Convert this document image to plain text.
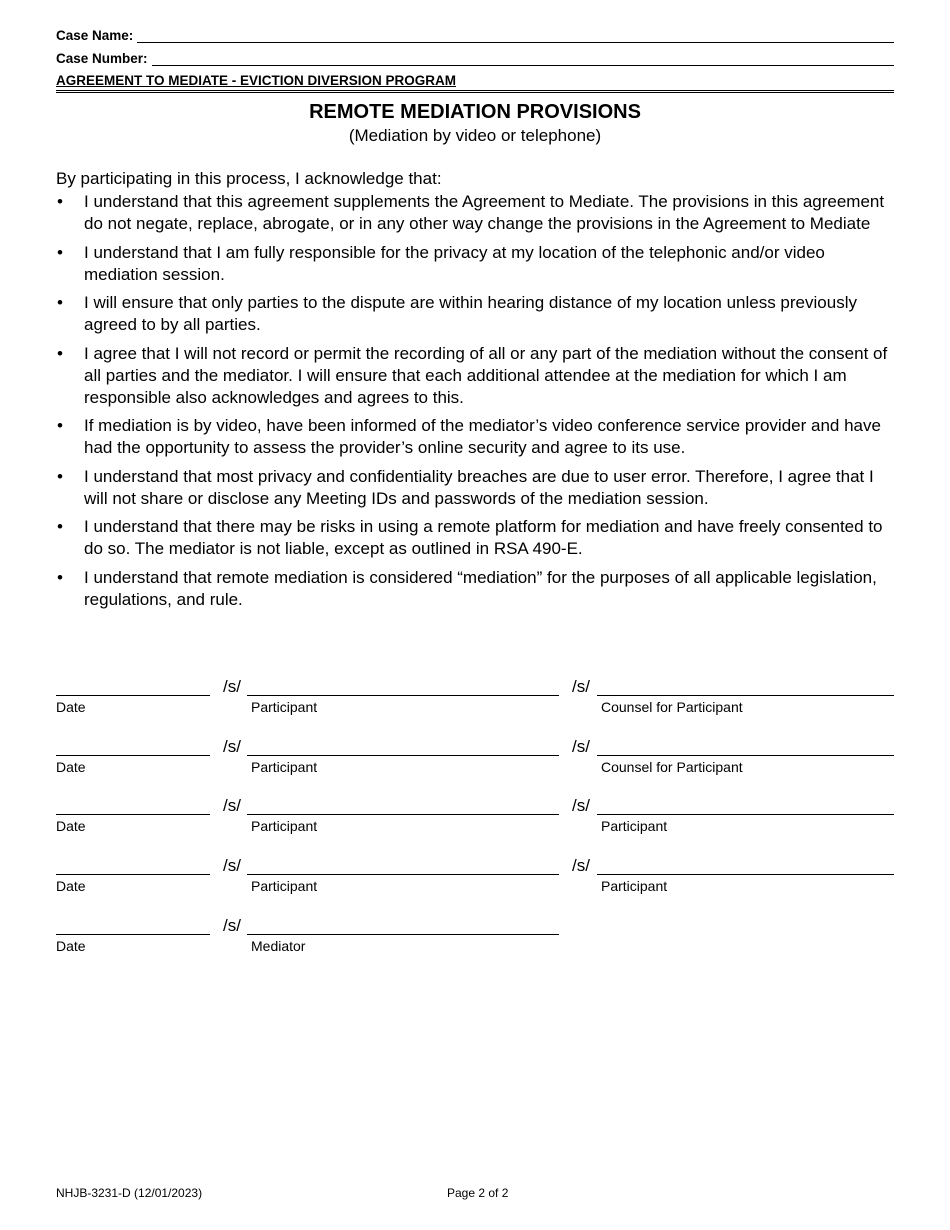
Case Name:
Case Number:
AGREEMENT TO MEDIATE - EVICTION DIVERSION PROGRAM
REMOTE MEDIATION PROVISIONS
(Mediation by video or telephone)
By participating in this process, I acknowledge that:
• I understand that this agreement supplements the Agreement to Mediate. The provisions in this agreement do not negate, replace, abrogate, or in any other way change the provisions in the Agreement to Mediate
• I understand that I am fully responsible for the privacy at my location of the telephonic and/or video mediation session.
• I will ensure that only parties to the dispute are within hearing distance of my location unless previously agreed to by all parties.
• I agree that I will not record or permit the recording of all or any part of the mediation without the consent of all parties and the mediator. I will ensure that each additional attendee at the mediation for which I am responsible also acknowledges and agrees to this.
• If mediation is by video, have been informed of the mediator’s video conference service provider and have had the opportunity to assess the provider’s online security and agree to its use.
• I understand that most privacy and confidentiality breaches are due to user error. Therefore, I agree that I will not share or disclose any Meeting IDs and passwords of the mediation session.
• I understand that there may be risks in using a remote platform for mediation and have freely consented to do so. The mediator is not liable, except as outlined in RSA 490-E.
• I understand that remote mediation is considered “mediation” for the purposes of all applicable legislation, regulations, and rule.
Date
/s/
Participant
/s/
Counsel for Participant
Date
/s/
Participant
/s/
Counsel for Participant
Date
/s/
Participant
/s/
Participant
Date
/s/
Participant
/s/
Participant
Date
/s/
Mediator
NHJB-3231-D (12/01/2023)	Page 2 of 2
